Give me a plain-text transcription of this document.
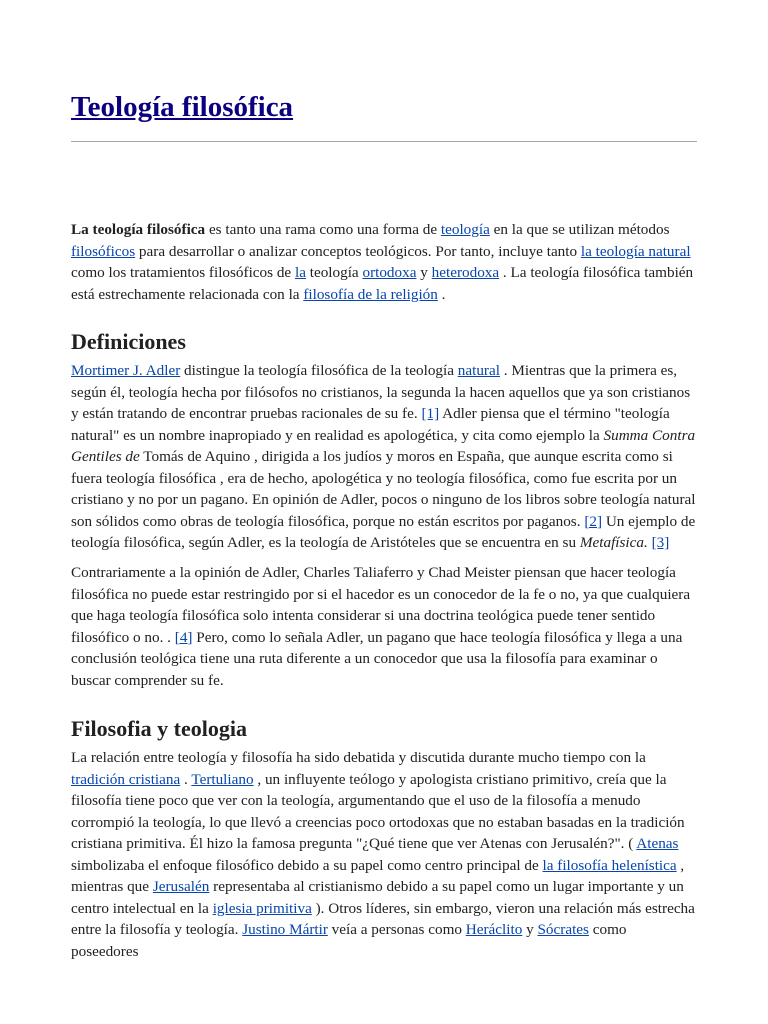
Teología filosófica

La teología filosófica es tanto una rama como una forma de teología en la que se utilizan métodos filosóficos para desarrollar o analizar conceptos teológicos. Por tanto, incluye tanto la teología natural como los tratamientos filosóficos de la teología ortodoxa y heterodoxa . La teología filosófica también está estrechamente relacionada con la filosofía de la religión .

Definiciones

Mortimer J. Adler distingue la teología filosófica de la teología natural . Mientras que la primera es, según él, teología hecha por filósofos no cristianos, la segunda la hacen aquellos que ya son cristianos y están tratando de encontrar pruebas racionales de su fe. [1] Adler piensa que el término "teología natural" es un nombre inapropiado y en realidad es apologética, y cita como ejemplo la Summa Contra Gentiles de Tomás de Aquino , dirigida a los judíos y moros en España, que aunque escrita como si fuera teología filosófica , era de hecho, apologética y no teología filosófica, como fue escrita por un cristiano y no por un pagano. En opinión de Adler, pocos o ninguno de los libros sobre teología natural son sólidos como obras de teología filosófica, porque no están escritos por paganos. [2] Un ejemplo de teología filosófica, según Adler, es la teología de Aristóteles que se encuentra en su Metafísica. [3]

Contrariamente a la opinión de Adler, Charles Taliaferro y Chad Meister piensan que hacer teología filosófica no puede estar restringido por si el hacedor es un conocedor de la fe o no, ya que cualquiera que haga teología filosófica solo intenta considerar si una doctrina teológica puede tener sentido filosófico o no. . [4] Pero, como lo señala Adler, un pagano que hace teología filosófica y llega a una conclusión teológica tiene una ruta diferente a un conocedor que usa la filosofía para examinar o buscar comprender su fe.

Filosofia y teologia

La relación entre teología y filosofía ha sido debatida y discutida durante mucho tiempo con la tradición cristiana . Tertuliano , un influyente teólogo y apologista cristiano primitivo, creía que la filosofía tiene poco que ver con la teología, argumentando que el uso de la filosofía a menudo corrompió la teología, lo que llevó a creencias poco ortodoxas que no estaban basadas en la tradición cristiana primitiva. Él hizo la famosa pregunta "¿Qué tiene que ver Atenas con Jerusalén?". ( Atenas simbolizaba el enfoque filosófico debido a su papel como centro principal de la filosofía helenística , mientras que Jerusalén representaba al cristianismo debido a su papel como un lugar importante y un centro intelectual en la iglesia primitiva ). Otros líderes, sin embargo, vieron una relación más estrecha entre la filosofía y teología. Justino Mártir veía a personas como Heráclito y Sócrates como poseedores
